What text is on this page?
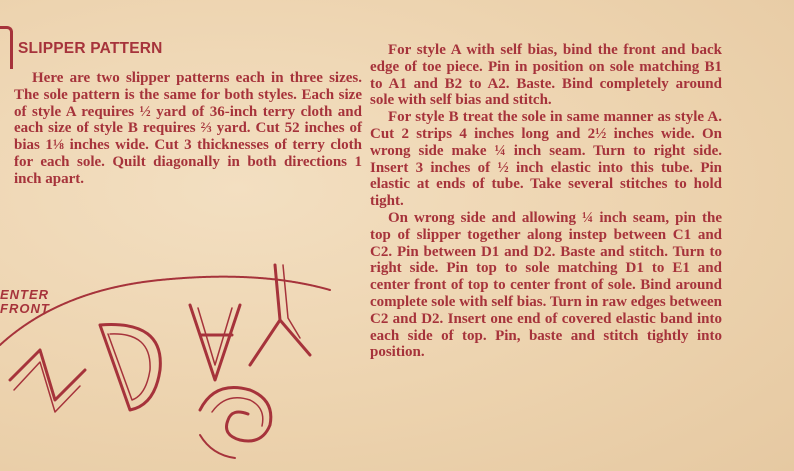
SLIPPER PATTERN

Here are two slipper patterns each in three sizes. The sole pattern is the same for both styles. Each size of style A requires ½ yard of 36-inch terry cloth and each size of style B requires ⅔ yard. Cut 52 inches of bias 1⅛ inches wide. Cut 3 thicknesses of terry cloth for each sole. Quilt diagonally in both directions 1 inch apart.

For style A with self bias, bind the front and back edge of toe piece. Pin in position on sole matching B1 to A1 and B2 to A2. Baste. Bind completely around sole with self bias and stitch.

For style B treat the sole in same manner as style A. Cut 2 strips 4 inches long and 2½ inches wide. On wrong side make ¼ inch seam. Turn to right side. Insert 3 inches of ½ inch elastic into this tube. Pin elastic at ends of tube. Take several stitches to hold tight.

On wrong side and allowing ¼ inch seam, pin the top of slipper together along instep between C1 and C2. Pin between D1 and D2. Baste and stitch. Turn to right side. Pin top to sole matching D1 to E1 and center front of top to center front of sole. Bind around complete sole with self bias. Turn in raw edges between C2 and D2. Insert one end of covered elastic band into each side of top. Pin, baste and stitch tightly into position.

ENTER
FRONT
